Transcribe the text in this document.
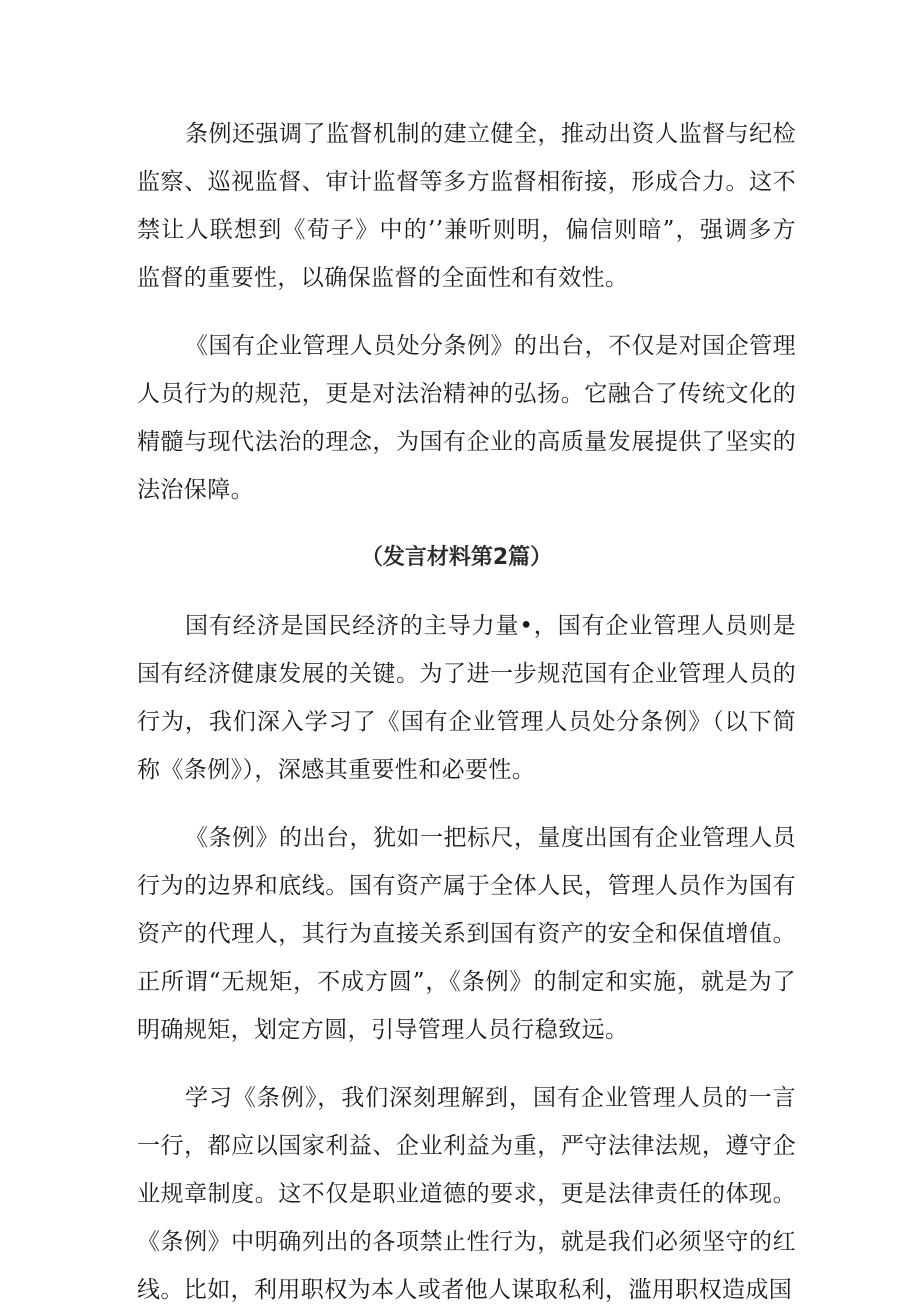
条例还强调了监督机制的建立健全，推动出资人监督与纪检监察、巡视监督、审计监督等多方监督相衔接，形成合力。这不禁让人联想到《荀子》中的’’兼听则明，偏信则暗”，强调多方监督的重要性，以确保监督的全面性和有效性。

《国有企业管理人员处分条例》的出台，不仅是对国企管理人员行为的规范，更是对法治精神的弘扬。它融合了传统文化的精髓与现代法治的理念，为国有企业的高质量发展提供了坚实的法治保障。

（发言材料第2篇）

国有经济是国民经济的主导力量•，国有企业管理人员则是国有经济健康发展的关键。为了进一步规范国有企业管理人员的行为，我们深入学习了《国有企业管理人员处分条例》（以下简称《条例》），深感其重要性和必要性。

《条例》的出台，犹如一把标尺，量度出国有企业管理人员行为的边界和底线。国有资产属于全体人民，管理人员作为国有资产的代理人，其行为直接关系到国有资产的安全和保值增值。正所谓“无规矩，不成方圆”，《条例》的制定和实施，就是为了明确规矩，划定方圆，引导管理人员行稳致远。

学习《条例》，我们深刻理解到，国有企业管理人员的一言一行，都应以国家利益、企业利益为重，严守法律法规，遵守企业规章制度。这不仅是职业道德的要求，更是法律责任的体现。《条例》中明确列出的各项禁止性行为，就是我们必须坚守的红线。比如，利用职权为本人或者他人谋取私利，滥用职权造成国
